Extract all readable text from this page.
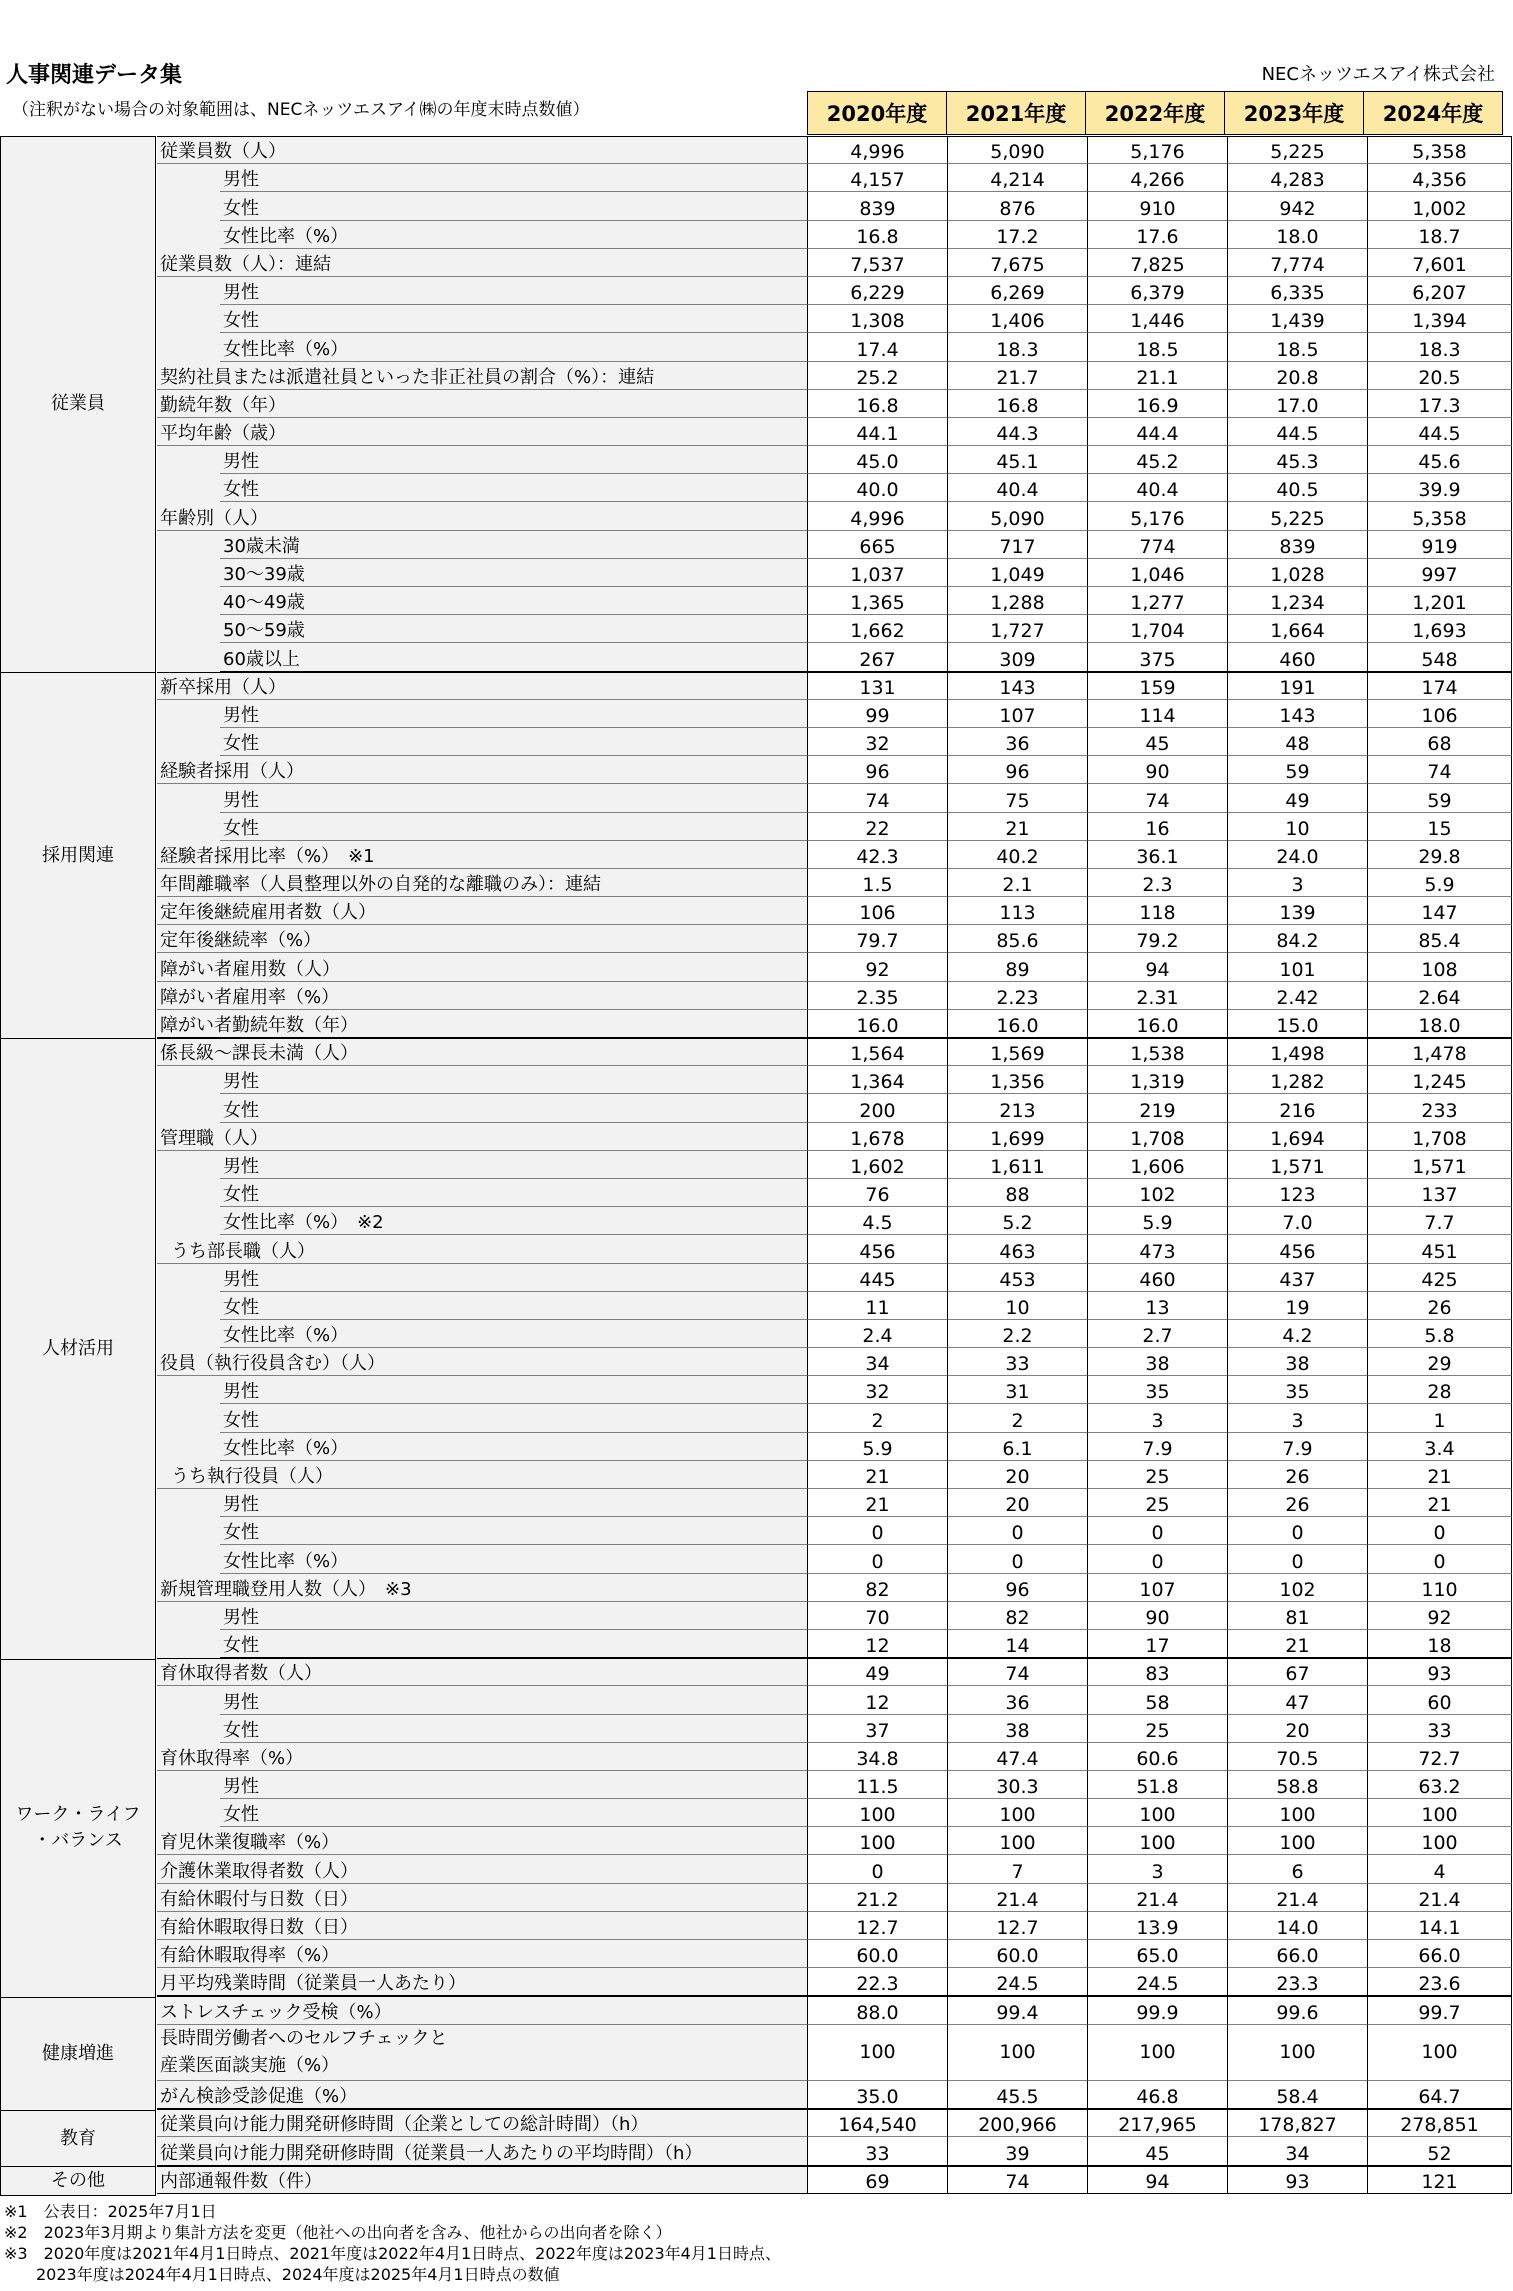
人事関連データ集	NECネッツエスアイ株式会社
（注釈がない場合の対象範囲は、NECネッツエスアイ㈱の年度末時点数値）	2020年度	2021年度	2022年度	2023年度	2024年度
従業員数（人）	4,996	5,090	5,176	5,225	5,358
男性	4,157	4,214	4,266	4,283	4,356
女性	839	876	910	942	1,002
女性比率（%）	16.8	17.2	17.6	18.0	18.7
従業員数（人）：連結	7,537	7,675	7,825	7,774	7,601
男性	6,229	6,269	6,379	6,335	6,207
女性	1,308	1,406	1,446	1,439	1,394
女性比率（%）	17.4	18.3	18.5	18.5	18.3
契約社員または派遣社員といった非正社員の割合（%）：連結	25.2	21.7	21.1	20.8	20.5
勤続年数（年）	16.8	16.8	16.9	17.0	17.3
平均年齢（歳）	44.1	44.3	44.4	44.5	44.5
男性	45.0	45.1	45.2	45.3	45.6
女性	40.0	40.4	40.4	40.5	39.9
年齢別（人）	4,996	5,090	5,176	5,225	5,358
30歳未満	665	717	774	839	919
30～39歳	1,037	1,049	1,046	1,028	997
40～49歳	1,365	1,288	1,277	1,234	1,201
50～59歳	1,662	1,727	1,704	1,664	1,693
60歳以上	267	309	375	460	548
新卒採用（人）	131	143	159	191	174
男性	99	107	114	143	106
女性	32	36	45	48	68
経験者採用（人）	96	96	90	59	74
男性	74	75	74	49	59
女性	22	21	16	10	15
経験者採用比率（%）　※1	42.3	40.2	36.1	24.0	29.8
年間離職率（人員整理以外の自発的な離職のみ）：連結	1.5	2.1	2.3	3	5.9
定年後継続雇用者数（人）	106	113	118	139	147
定年後継続率（%）	79.7	85.6	79.2	84.2	85.4
障がい者雇用数（人）	92	89	94	101	108
障がい者雇用率（%）	2.35	2.23	2.31	2.42	2.64
障がい者勤続年数（年）	16.0	16.0	16.0	15.0	18.0
係長級～課長未満（人）	1,564	1,569	1,538	1,498	1,478
男性	1,364	1,356	1,319	1,282	1,245
女性	200	213	219	216	233
管理職（人）	1,678	1,699	1,708	1,694	1,708
男性	1,602	1,611	1,606	1,571	1,571
女性	76	88	102	123	137
女性比率（%）　※2	4.5	5.2	5.9	7.0	7.7
うち部長職（人）	456	463	473	456	451
男性	445	453	460	437	425
女性	11	10	13	19	26
女性比率（%）	2.4	2.2	2.7	4.2	5.8
役員（執行役員含む）（人）	34	33	38	38	29
男性	32	31	35	35	28
女性	2	2	3	3	1
女性比率（%）	5.9	6.1	7.9	7.9	3.4
うち執行役員（人）	21	20	25	26	21
男性	21	20	25	26	21
女性	0	0	0	0	0
女性比率（%）	0	0	0	0	0
新規管理職登用人数（人）　※3	82	96	107	102	110
男性	70	82	90	81	92
女性	12	14	17	21	18
育休取得者数（人）	49	74	83	67	93
男性	12	36	58	47	60
女性	37	38	25	20	33
育休取得率（%）	34.8	47.4	60.6	70.5	72.7
男性	11.5	30.3	51.8	58.8	63.2
女性	100	100	100	100	100
育児休業復職率（%）	100	100	100	100	100
介護休業取得者数（人）	0	7	3	6	4
有給休暇付与日数（日）	21.2	21.4	21.4	21.4	21.4
有給休暇取得日数（日）	12.7	12.7	13.9	14.0	14.1
有給休暇取得率（%）	60.0	60.0	65.0	66.0	66.0
月平均残業時間（従業員一人あたり）	22.3	24.5	24.5	23.3	23.6
ストレスチェック受検（%）	88.0	99.4	99.9	99.6	99.7
長時間労働者へのセルフチェックと
産業医面談実施（%）
100	100	100	100	100
がん検診受診促進（%）	35.0	45.5	46.8	58.4	64.7
従業員向け能力開発研修時間（企業としての総計時間）（h）	164,540	200,966	217,965	178,827	278,851
従業員向け能力開発研修時間（従業員一人あたりの平均時間）（h）	33	39	45	34	52
内部通報件数（件）	69	74	94	93	121
従業員
採用関連
人材活用
ワーク・ライフ
・バランス
健康増進
教育
その他
※1　公表日：2025年7月1日
※2　2023年3月期より集計方法を変更（他社への出向者を含み、他社からの出向者を除く）
※3　2020年度は2021年4月1日時点、2021年度は2022年4月1日時点、2022年度は2023年4月1日時点、
　　2023年度は2024年4月1日時点、2024年度は2025年4月1日時点の数値
